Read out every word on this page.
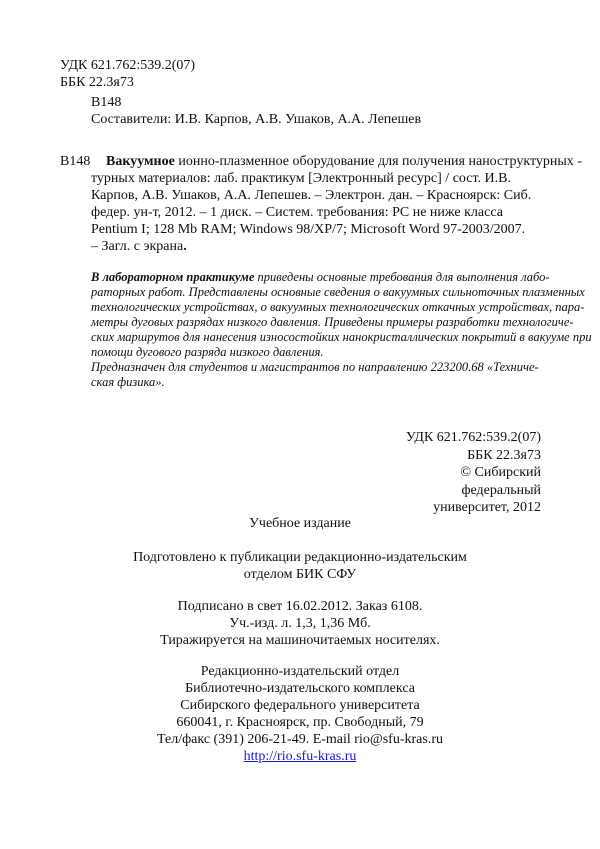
УДК 621.762:539.2(07)
ББК 22.3я73
В148
Составители: И.В. Карпов, А.В. Ушаков, А.А. Лепешев
В148 Вакуумное ионно-плазменное оборудование для получения наноструктурных -
турных материалов: лаб. практикум [Электронный ресурс] / сост. И.В.
Карпов, А.В. Ушаков, А.А. Лепешев. – Электрон. дан. – Красноярск: Сиб.
федер. ун-т, 2012. – 1 диск. – Систем. требования: PC не ниже класса
Pentium I; 128 Mb RAM; Windows 98/XP/7; Microsoft Word 97-2003/2007.
– Загл. с экрана.
В лабораторном практикуме приведены основные требования для выполнения лабо-
раторных работ. Представлены основные сведения о вакуумных сильноточных плазменных
технологических устройствах, о вакуумных технологических откачных устройствах, пара-
метры дуговых разрядах низкого давления. Приведены примеры разработки технологиче-
ских маршрутов для нанесения износостойких нанокристаллических покрытий в вакууме при
помощи дугового разряда низкого давления.
Предназначен для студентов и магистрантов по направлению 223200.68 «Техниче-
ская физика».
УДК 621.762:539.2(07)
ББК 22.3я73
© Сибирский
федеральный
университет, 2012
Учебное издание
Подготовлено к публикации редакционно-издательским
отделом БИК СФУ
Подписано в свет 16.02.2012. Заказ 6108.
Уч.-изд. л. 1,3, 1,36 Мб.
Тиражируется на машиночитаемых носителях.
Редакционно-издательский отдел
Библиотечно-издательского комплекса
Сибирского федерального университета
660041, г. Красноярск, пр. Свободный, 79
Тел/факс (391) 206-21-49. E-mail rio@sfu-kras.ru
http://rio.sfu-kras.ru
